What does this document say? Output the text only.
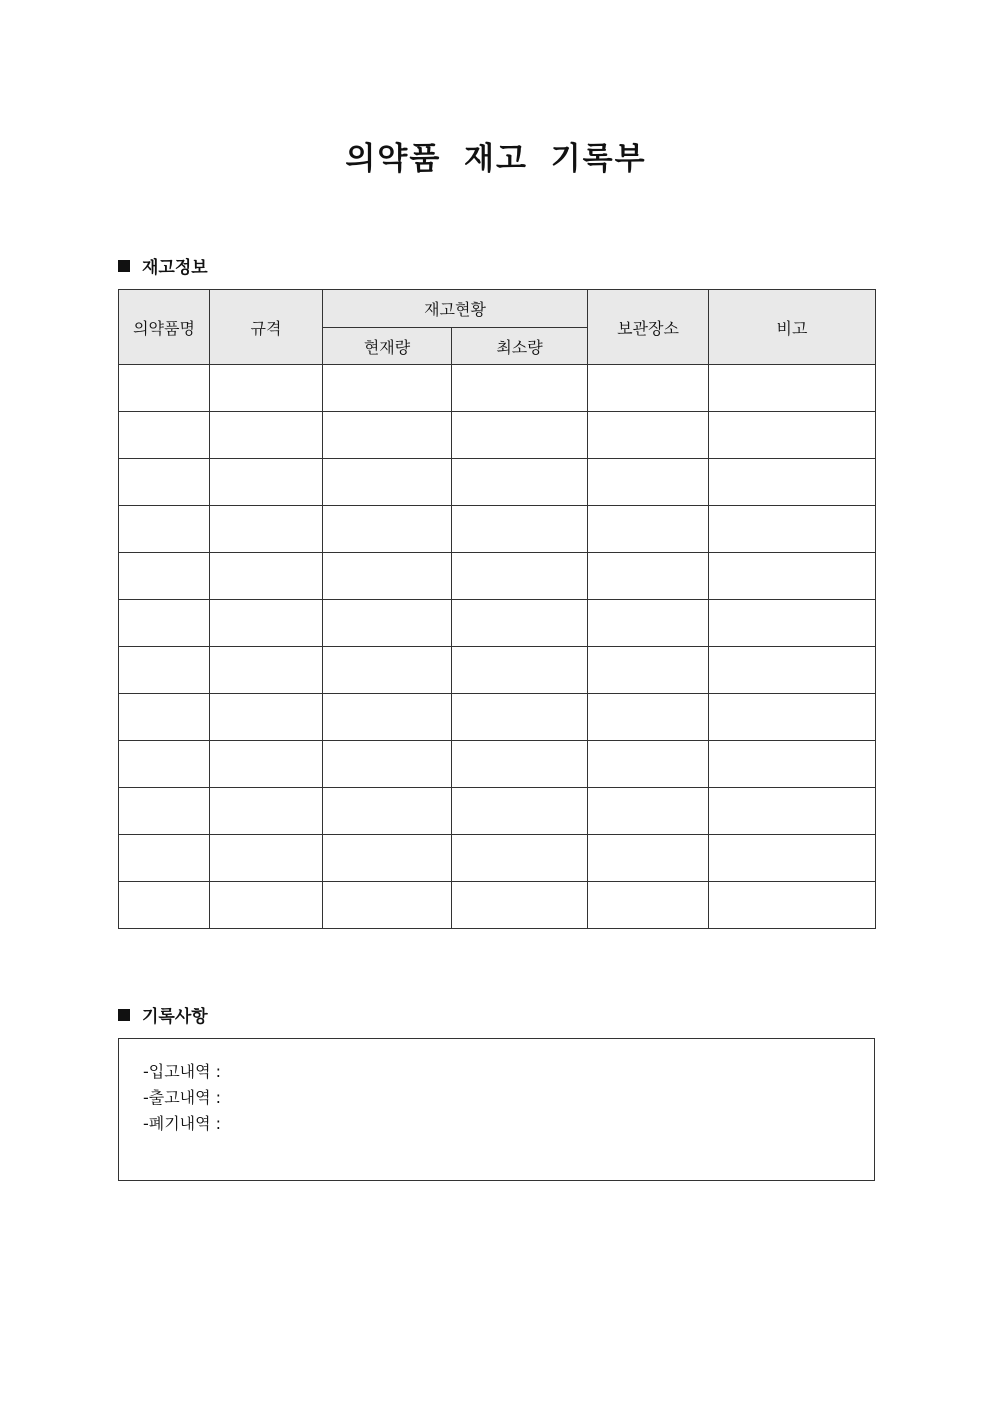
의약품 재고 기록부
재고정보
의약품명	규격	재고현황		보관장소	비고
		현재량	최소량		

기록사항
-입고내역 :
-출고내역 :
-폐기내역 :
